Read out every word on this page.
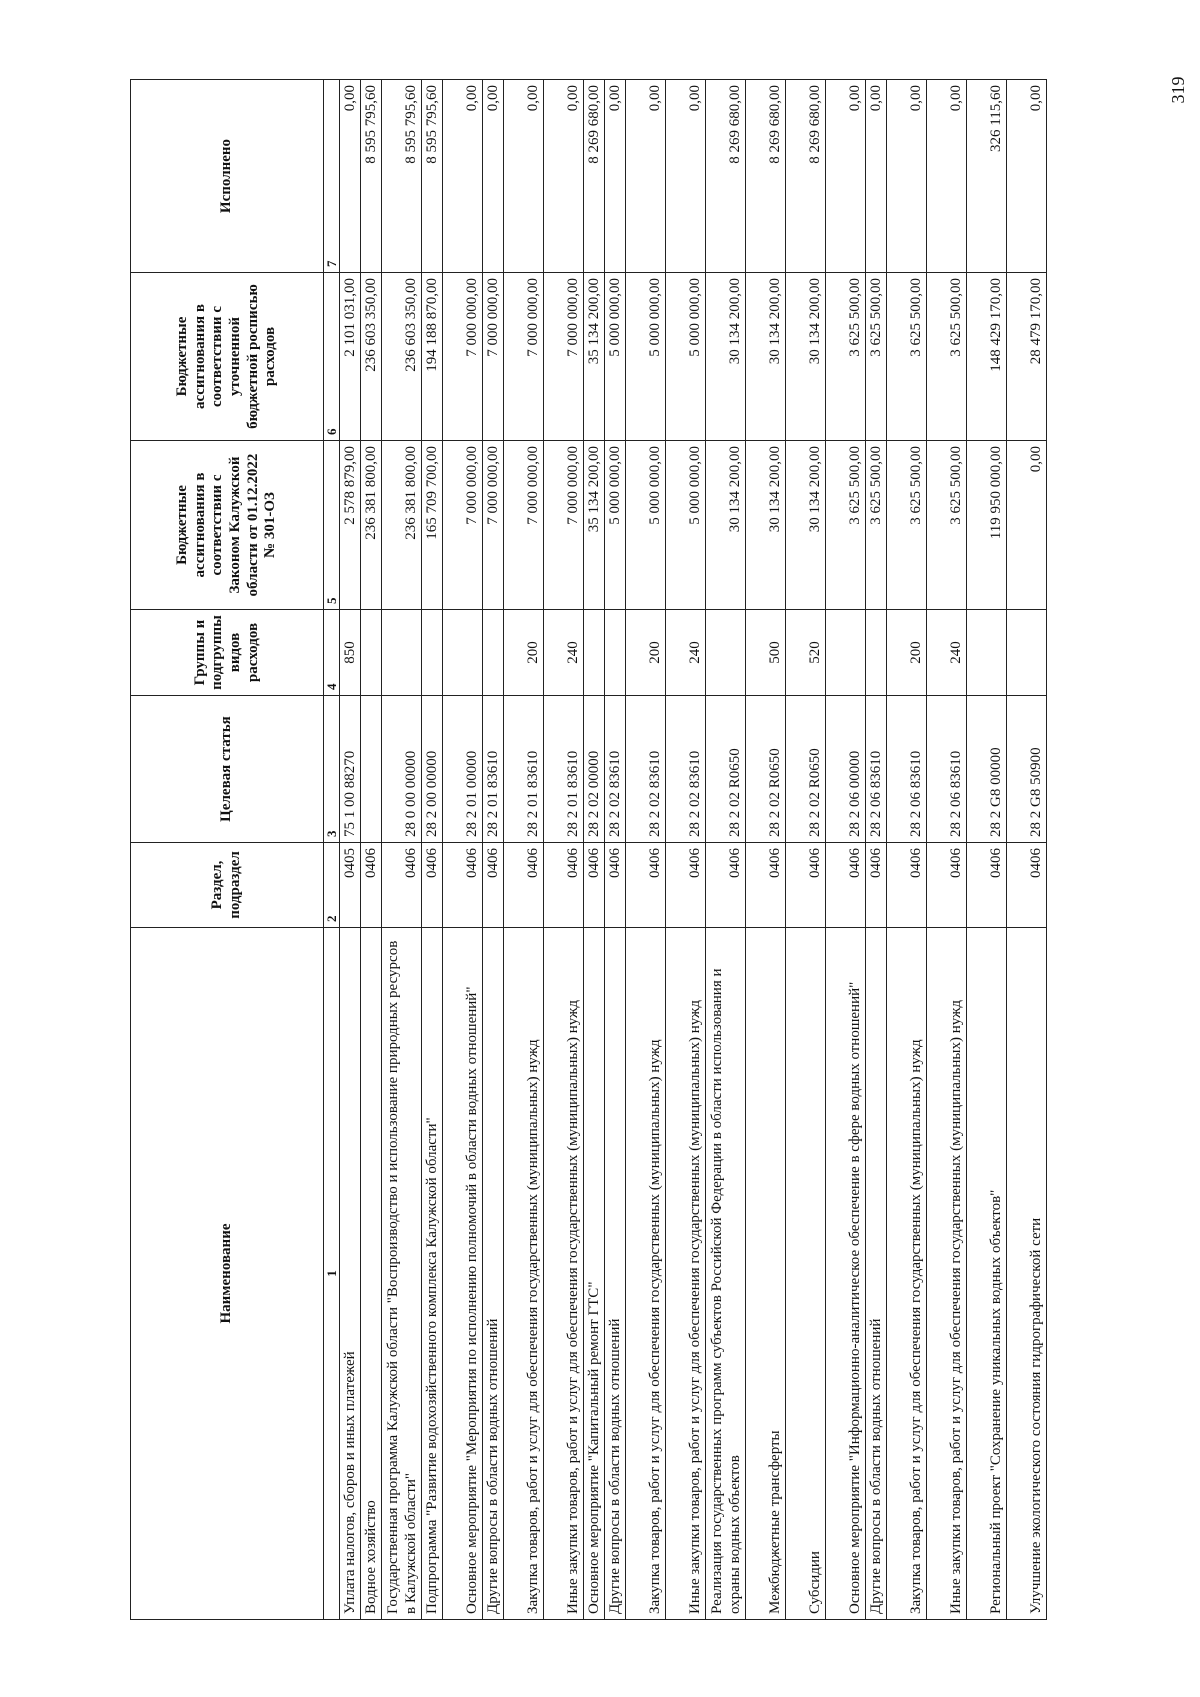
Наименование	Раздел, подраздел	Целевая статья	Группы и подгруппы видов расходов	Бюджетные ассигнования в соответствии с Законом Калужской области от 01.12.2022 № 301-ОЗ	Бюджетные ассигнования в соответствии с уточненной бюджетной росписью расходов	Исполнено
1	2	3	4	5	6	7
Уплата налогов, сборов и иных платежей	0405	75 1 00 88270	850	2 578 879,00	2 101 031,00	0,00
Водное хозяйство	0406			236 381 800,00	236 603 350,00	8 595 795,60
Государственная программа Калужской области "Воспроизводство и использование природных ресурсов в Калужской области"	0406	28 0 00 00000		236 381 800,00	236 603 350,00	8 595 795,60
Подпрограмма "Развитие водохозяйственного комплекса Калужской области"	0406	28 2 00 00000		165 709 700,00	194 188 870,00	8 595 795,60
Основное мероприятие "Мероприятия по исполнению полномочий в области водных отношений"	0406	28 2 01 00000		7 000 000,00	7 000 000,00	0,00
Другие вопросы в области водных отношений	0406	28 2 01 83610		7 000 000,00	7 000 000,00	0,00
Закупка товаров, работ и услуг для обеспечения государственных (муниципальных) нужд	0406	28 2 01 83610	200	7 000 000,00	7 000 000,00	0,00
Иные закупки товаров, работ и услуг для обеспечения государственных (муниципальных) нужд	0406	28 2 01 83610	240	7 000 000,00	7 000 000,00	0,00
Основное мероприятие "Капитальный ремонт ГТС"	0406	28 2 02 00000		35 134 200,00	35 134 200,00	8 269 680,00
Другие вопросы в области водных отношений	0406	28 2 02 83610		5 000 000,00	5 000 000,00	0,00
Закупка товаров, работ и услуг для обеспечения государственных (муниципальных) нужд	0406	28 2 02 83610	200	5 000 000,00	5 000 000,00	0,00
Иные закупки товаров, работ и услуг для обеспечения государственных (муниципальных) нужд	0406	28 2 02 83610	240	5 000 000,00	5 000 000,00	0,00
Реализация государственных программ субъектов Российской Федерации в области использования и охраны водных объектов	0406	28 2 02 R0650		30 134 200,00	30 134 200,00	8 269 680,00
Межбюджетные трансферты	0406	28 2 02 R0650	500	30 134 200,00	30 134 200,00	8 269 680,00
Субсидии	0406	28 2 02 R0650	520	30 134 200,00	30 134 200,00	8 269 680,00
Основное мероприятие "Информационно-аналитическое обеспечение в сфере водных отношений"	0406	28 2 06 00000		3 625 500,00	3 625 500,00	0,00
Другие вопросы в области водных отношений	0406	28 2 06 83610		3 625 500,00	3 625 500,00	0,00
Закупка товаров, работ и услуг для обеспечения государственных (муниципальных) нужд	0406	28 2 06 83610	200	3 625 500,00	3 625 500,00	0,00
Иные закупки товаров, работ и услуг для обеспечения государственных (муниципальных) нужд	0406	28 2 06 83610	240	3 625 500,00	3 625 500,00	0,00
Региональный проект "Сохранение уникальных водных объектов"	0406	28 2 G8 00000		119 950 000,00	148 429 170,00	326 115,60
Улучшение экологического состояния гидрографической сети	0406	28 2 G8 50900		0,00	28 479 170,00	0,00	319
